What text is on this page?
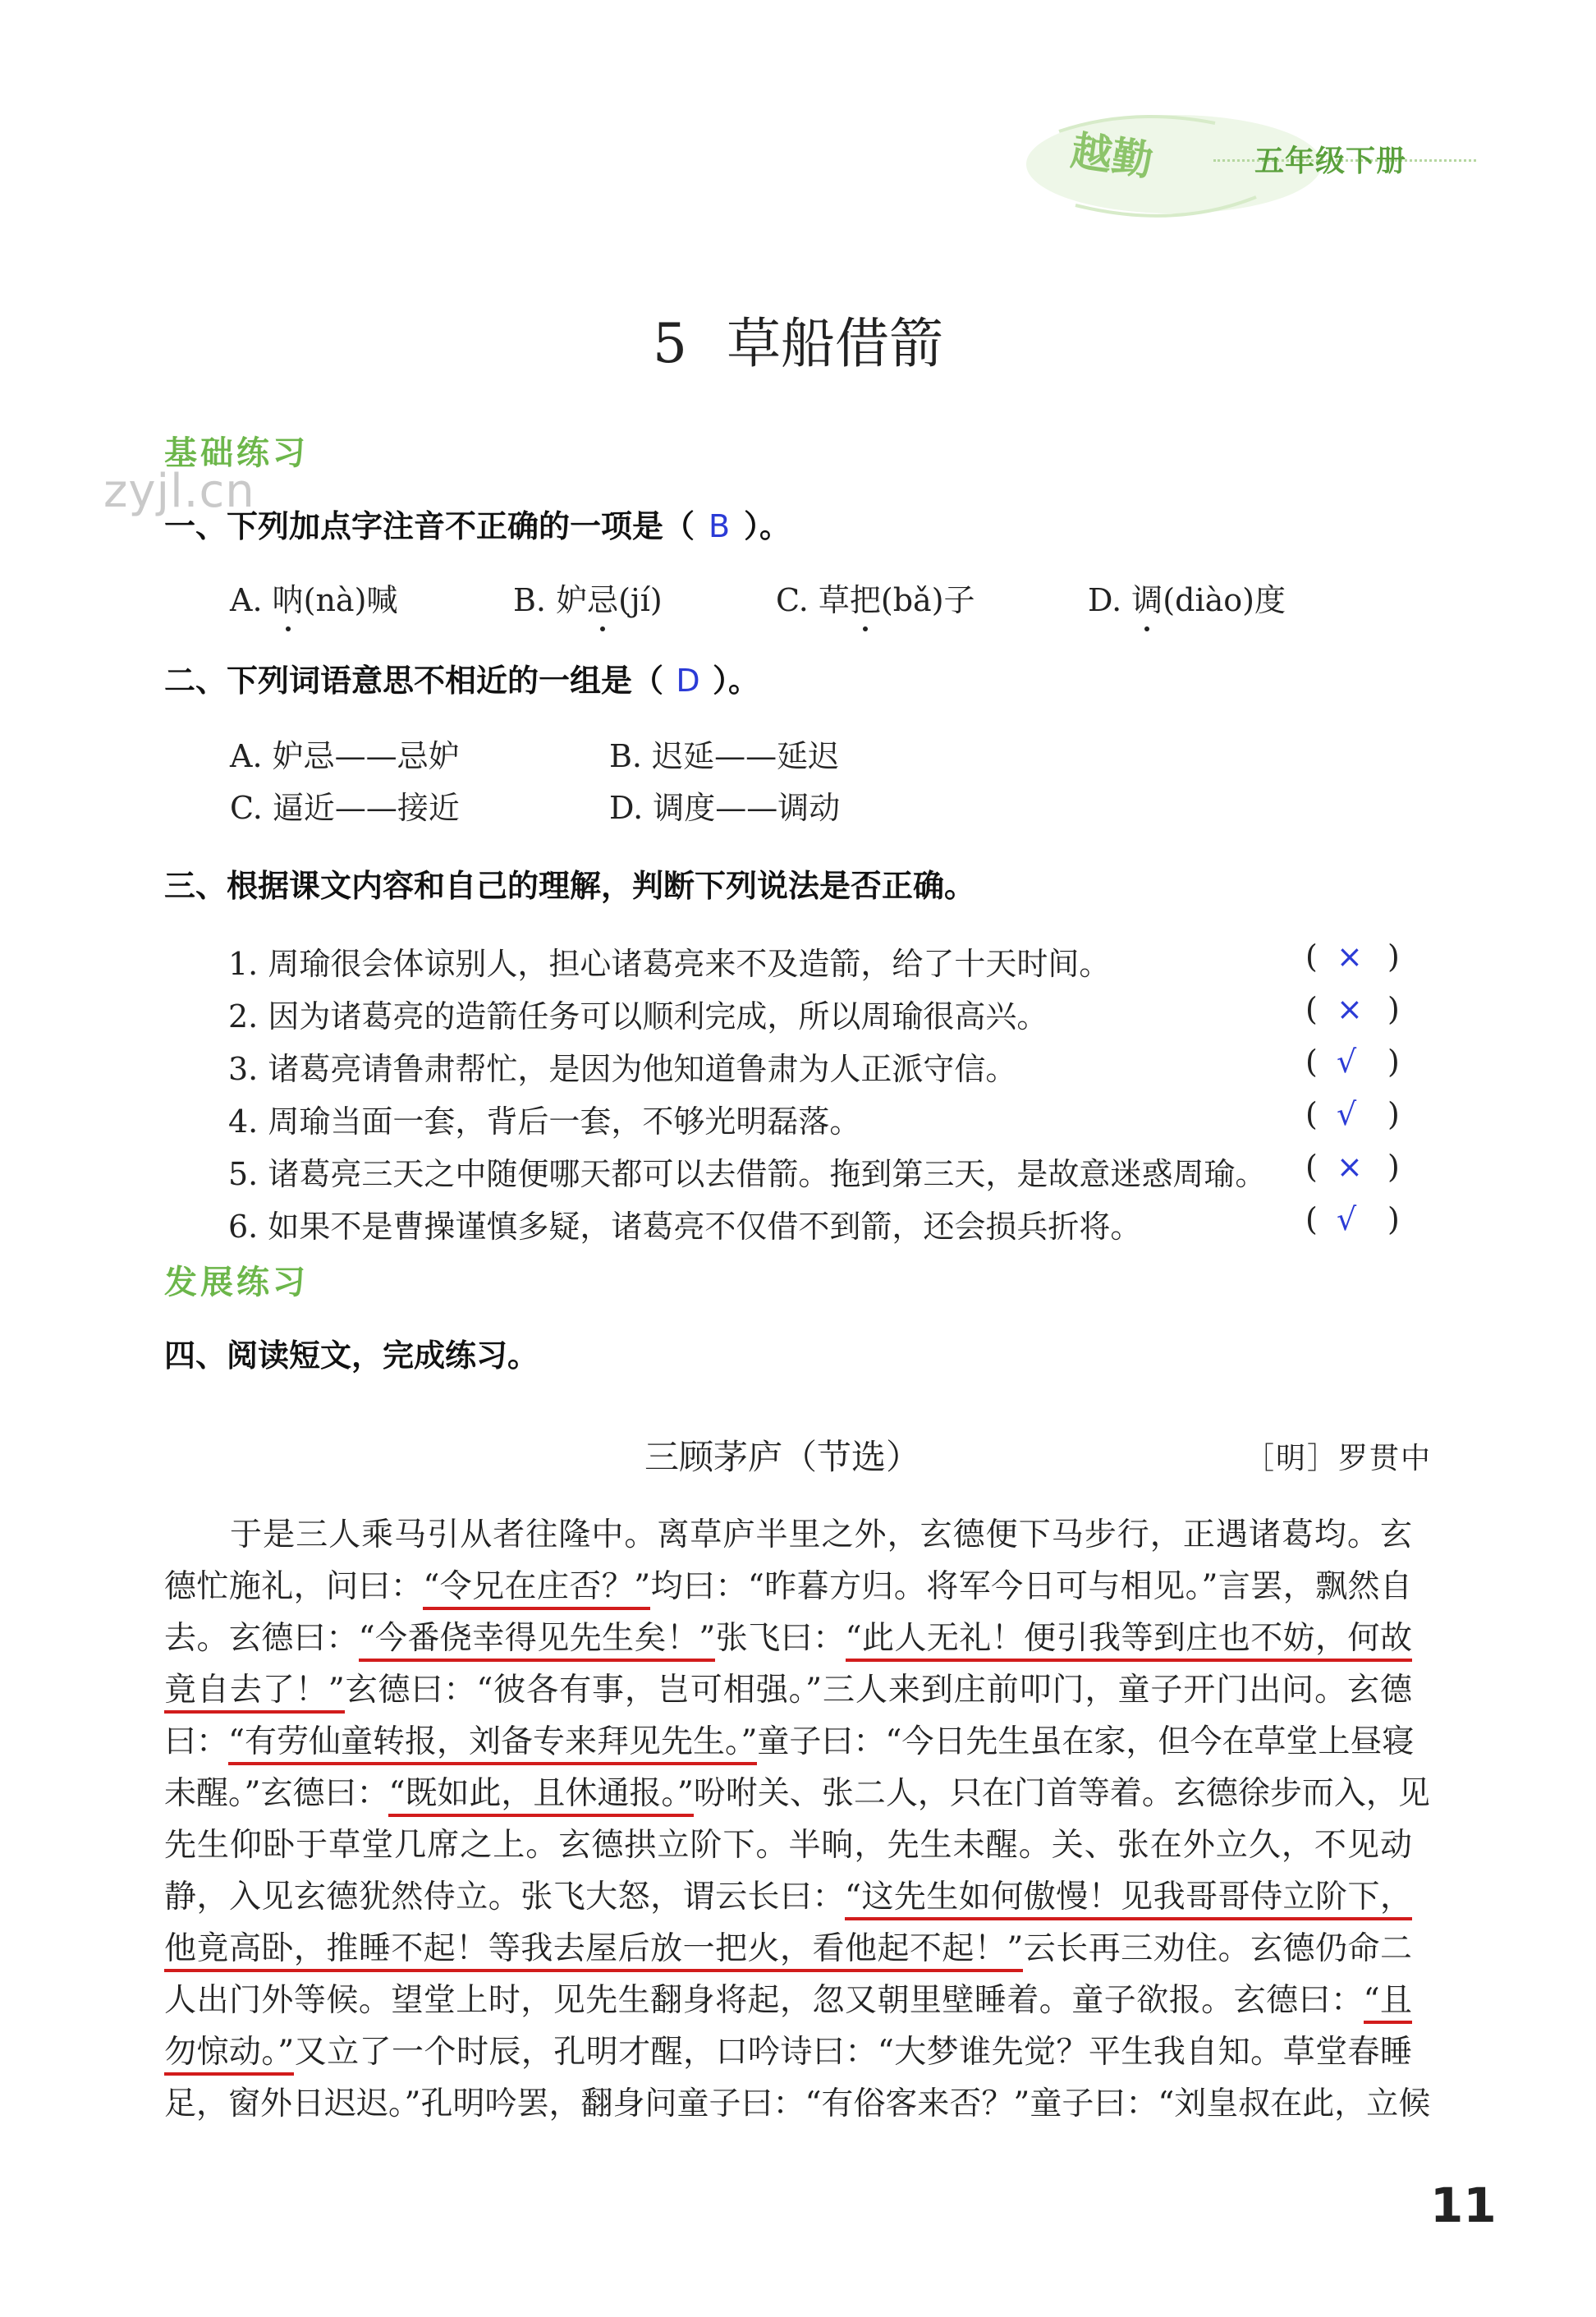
越勤	五年级下册
5 草船借箭
zyjl.cn
基础练习
一、下列加点字注音不正确的一项是（ B ）。
A. 呐(nà)喊	B. 妒忌(jí)	C. 草把(bǎ)子	D. 调(diào)度
二、下列词语意思不相近的一组是（ D ）。
A. 妒忌——忌妒	B. 迟延——延迟
C. 逼近——接近	D. 调度——调动
三、根据课文内容和自己的理解，判断下列说法是否正确。
1. 周瑜很会体谅别人，担心诸葛亮来不及造箭，给了十天时间。	( × )
2. 因为诸葛亮的造箭任务可以顺利完成，所以周瑜很高兴。	( × )
3. 诸葛亮请鲁肃帮忙，是因为他知道鲁肃为人正派守信。	( √ )
4. 周瑜当面一套，背后一套，不够光明磊落。	( √ )
5. 诸葛亮三天之中随便哪天都可以去借箭。拖到第三天，是故意迷惑周瑜。 ( × )
6. 如果不是曹操谨慎多疑，诸葛亮不仅借不到箭，还会损兵折将。	( √ )
发展练习
四、阅读短文，完成练习。
三顾茅庐（节选）	［明］罗贯中
　　于是三人乘马引从者往隆中。离草庐半里之外，玄德便下马步行，正遇诸葛均。玄
德忙施礼，问曰：“令兄在庄否？”均曰：“昨暮方归。将军今日可与相见。”言罢，飘然自
去。玄德曰：“今番侥幸得见先生矣！”张飞曰：“此人无礼！便引我等到庄也不妨，何故
竟自去了！”玄德曰：“彼各有事，岂可相强。”三人来到庄前叩门，童子开门出问。玄德
曰：“有劳仙童转报，刘备专来拜见先生。”童子曰：“今日先生虽在家，但今在草堂上昼寝
未醒。”玄德曰：“既如此，且休通报。”吩咐关、张二人，只在门首等着。玄德徐步而入，见
先生仰卧于草堂几席之上。玄德拱立阶下。半晌，先生未醒。关、张在外立久，不见动
静，入见玄德犹然侍立。张飞大怒，谓云长曰：“这先生如何傲慢！见我哥哥侍立阶下，
他竟高卧，推睡不起！等我去屋后放一把火，看他起不起！”云长再三劝住。玄德仍命二
人出门外等候。望堂上时，见先生翻身将起，忽又朝里壁睡着。童子欲报。玄德曰：“且
勿惊动。”又立了一个时辰，孔明才醒，口吟诗曰：“大梦谁先觉？平生我自知。草堂春睡
足，窗外日迟迟。”孔明吟罢，翻身问童子曰：“有俗客来否？”童子曰：“刘皇叔在此，立候
11
